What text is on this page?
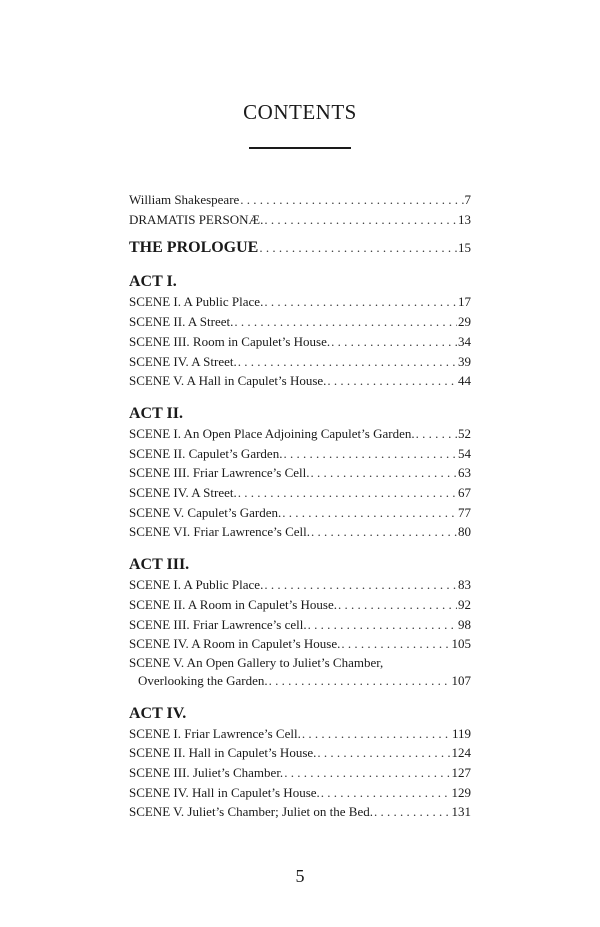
CONTENTS
William Shakespeare . . .	7
DRAMATIS PERSONÆ. . . .	13
THE PROLOGUE . . .	15
ACT I.
SCENE I. A Public Place. . . .	17
SCENE II. A Street. . . .	29
SCENE III. Room in Capulet’s House. . . .	34
SCENE IV. A Street. . . .	39
SCENE V. A Hall in Capulet’s House. . . .	44
ACT II.
SCENE I. An Open Place Adjoining Capulet’s Garden. . . .	52
SCENE II. Capulet’s Garden. . . .	54
SCENE III. Friar Lawrence’s Cell. . . .	63
SCENE IV. A Street. . . .	67
SCENE V. Capulet’s Garden. . . .	77
SCENE VI. Friar Lawrence’s Cell. . . .	80
ACT III.
SCENE I. A Public Place. . . .	83
SCENE II. A Room in Capulet’s House. . . .	92
SCENE III. Friar Lawrence’s cell. . . .	98
SCENE IV. A Room in Capulet’s House. . . .	105
SCENE V. An Open Gallery to Juliet’s Chamber,
Overlooking the Garden. . . .	107
ACT IV.
SCENE I. Friar Lawrence’s Cell. . . .	119
SCENE II. Hall in Capulet’s House. . . .	124
SCENE III. Juliet’s Chamber. . . .	127
SCENE IV. Hall in Capulet’s House. . . .	129
SCENE V. Juliet’s Chamber; Juliet on the Bed. . . .	131
5
